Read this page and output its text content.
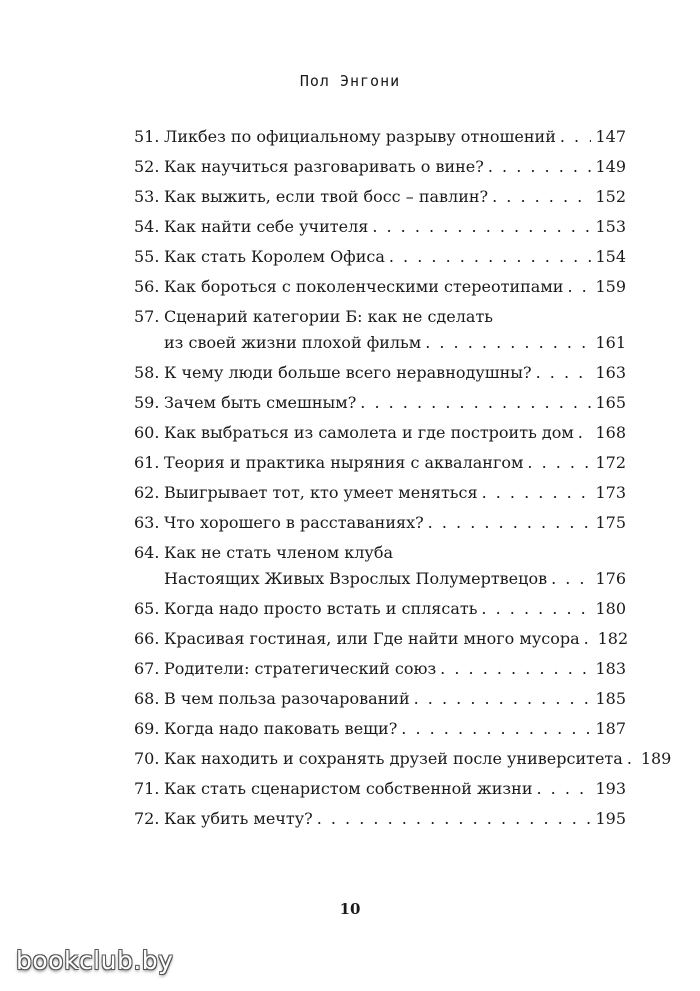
Пол Энгони
51. Ликбез по официальному разрыву отношений . . . 147
52. Как научиться разговаривать о вине? . . .	149
53. Как выжить, если твой босс – павлин? . . .	152
54. Как найти себе учителя . . .	153
55. Как стать Королем Офиса . . .	154
56. Как бороться с поколенческими стереотипами . . . 159
57. Сценарий категории Б: как не сделать
из своей жизни плохой фильм . . .	161
58. К чему люди больше всего неравнодушны? . . .	163
59. Зачем быть смешным? . . .	165
60. Как выбраться из самолета и где построить дом . . . 168
61. Теория и практика ныряния с аквалангом . . .	172
62. Выигрывает тот, кто умеет меняться . . .	173
63. Что хорошего в расставаниях? . . .	175
64. Как не стать членом клуба
Настоящих Живых Взрослых Полумертвецов . . .	176
65. Когда надо просто встать и сплясать . . .	180
66. Красивая гостиная, или Где найти много мусора . . . 182
67. Родители: стратегический союз . . .	183
68. В чем польза разочарований . . .	185
69. Когда надо паковать вещи? . . .	187
70. Как находить и сохранять друзей после университета . . . 189
71. Как стать сценаристом собственной жизни . . .	193
72. Как убить мечту? . . .	195
10
bookclub.by
